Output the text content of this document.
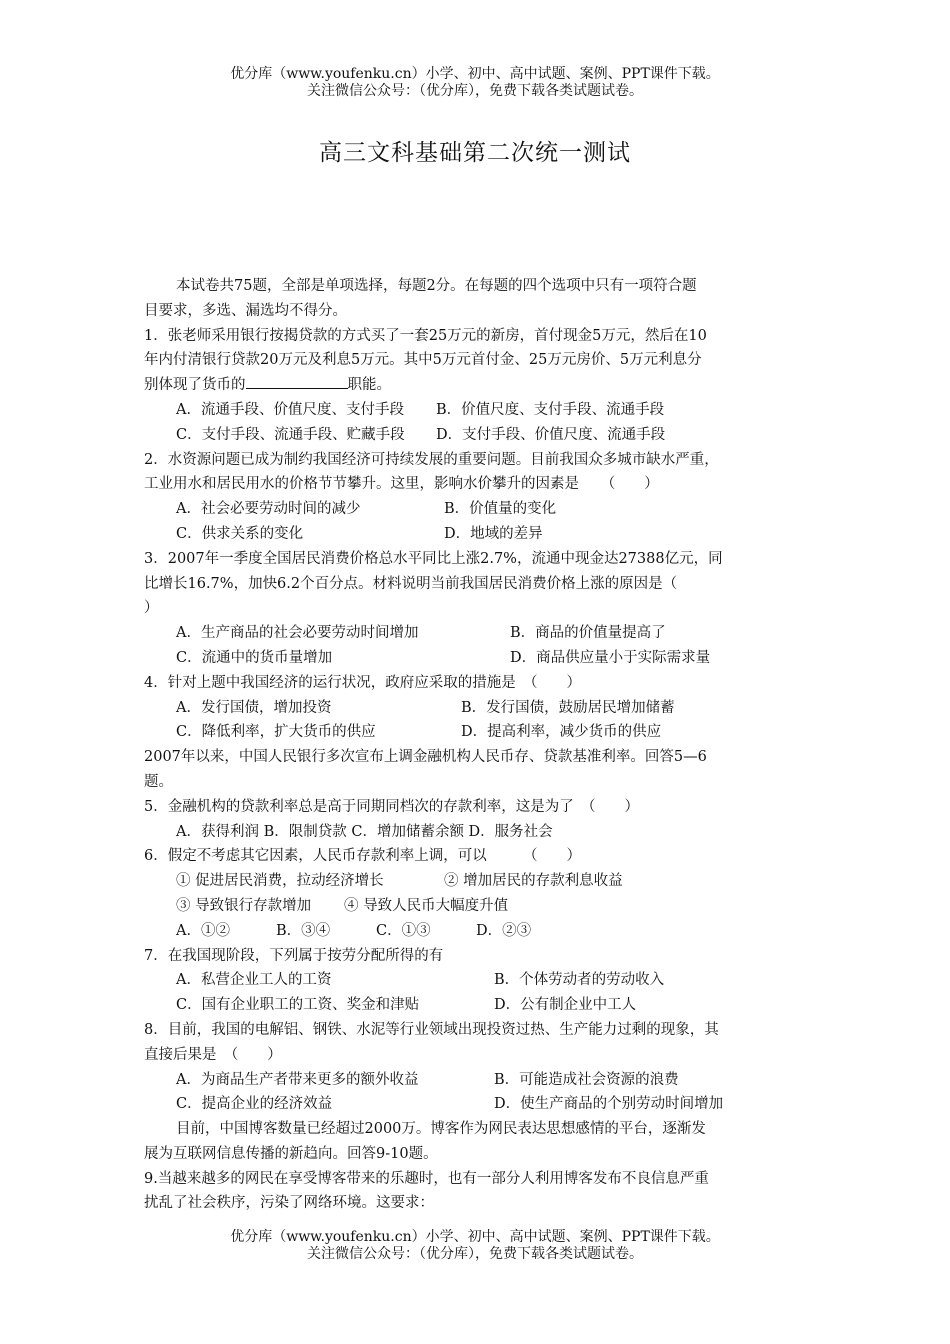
优分库（www.youfenku.cn）小学、初中、高中试题、案例、PPT课件下载。
关注微信公众号：（优分库），免费下载各类试题试卷。
高三文科基础第二次统一测试
本试卷共75题，全部是单项选择，每题2分。在每题的四个选项中只有一项符合题
目要求，多选、漏选均不得分。
1．张老师采用银行按揭贷款的方式买了一套25万元的新房，首付现金5万元，然后在10
年内付清银行贷款20万元及利息5万元。其中5万元首付金、25万元房价、5万元利息分
别体现了货币的	职能。
A．流通手段、价值尺度、支付手段	B．价值尺度、支付手段、流通手段
C．支付手段、流通手段、贮藏手段	D．支付手段、价值尺度、流通手段
2．水资源问题已成为制约我国经济可持续发展的重要问题。目前我国众多城市缺水严重，
工业用水和居民用水的价格节节攀升。这里，影响水价攀升的因素是　　（　　）
A．社会必要劳动时间的减少	B．价值量的变化
C．供求关系的变化	D．地域的差异
3．2007年一季度全国居民消费价格总水平同比上涨2.7%，流通中现金达27388亿元，同
比增长16.7%，加快6.2个百分点。材料说明当前我国居民消费价格上涨的原因是（
）
A．生产商品的社会必要劳动时间增加	B．商品的价值量提高了
C．流通中的货币量增加	D．商品供应量小于实际需求量
4．针对上题中我国经济的运行状况，政府应采取的措施是　（　　）
A．发行国债，增加投资	B．发行国债，鼓励居民增加储蓄
C．降低利率，扩大货币的供应	D．提高利率，减少货币的供应
2007年以来，中国人民银行多次宣布上调金融机构人民币存、贷款基准利率。回答5—6
题。
5．金融机构的贷款利率总是高于同期同档次的存款利率，这是为了　（　　）
A．获得利润 B．限制贷款 C．增加储蓄余额 D．服务社会
6．假定不考虑其它因素，人民币存款利率上调，可以　　　（　　）
① 促进居民消费，拉动经济增长	② 增加居民的存款利息收益
③ 导致银行存款增加	④ 导致人民币大幅度升值
A．①②	B．③④	C．①③	D．②③
7．在我国现阶段，下列属于按劳分配所得的有
A．私营企业工人的工资	B．个体劳动者的劳动收入
C．国有企业职工的工资、奖金和津贴	D．公有制企业中工人
8．目前，我国的电解铝、钢铁、水泥等行业领域出现投资过热、生产能力过剩的现象，其
直接后果是　（　　）
A．为商品生产者带来更多的额外收益	B．可能造成社会资源的浪费
C．提高企业的经济效益	D．使生产商品的个别劳动时间增加
目前，中国博客数量已经超过2000万。博客作为网民表达思想感情的平台，逐渐发
展为互联网信息传播的新趋向。回答9-10题。
9.当越来越多的网民在享受博客带来的乐趣时，也有一部分人利用博客发布不良信息严重
扰乱了社会秩序，污染了网络环境。这要求：
优分库（www.youfenku.cn）小学、初中、高中试题、案例、PPT课件下载。
关注微信公众号：（优分库），免费下载各类试题试卷。
